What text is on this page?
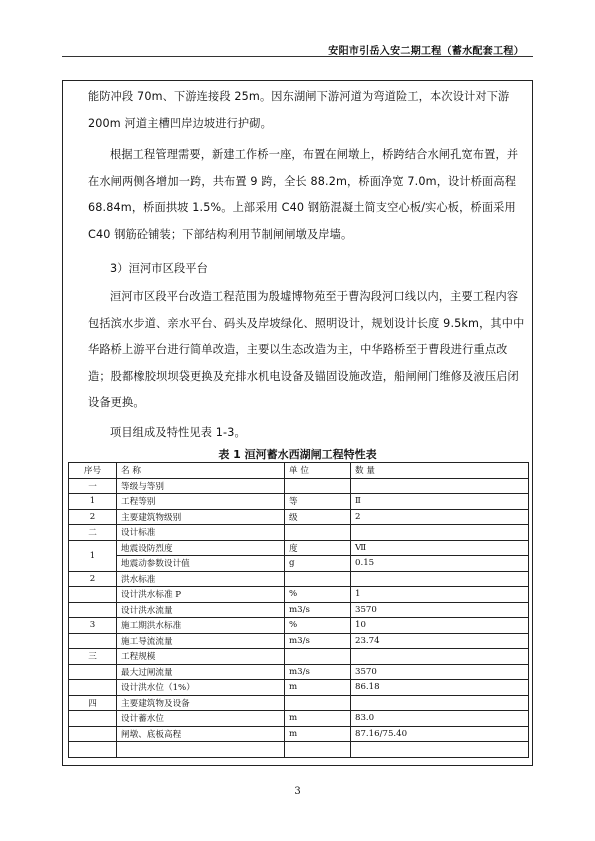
安阳市引岳入安二期工程（蓄水配套工程）

能防冲段 70m、下游连接段 25m。因东湖闸下游河道为弯道险工，本次设计对下游 200m 河道主槽凹岸边坡进行护砌。

根据工程管理需要，新建工作桥一座，布置在闸墩上，桥跨结合水闸孔宽布置，并在水闸两侧各增加一跨，共布置 9 跨，全长 88.2m，桥面净宽 7.0m，设计桥面高程 68.84m，桥面拱坡 1.5%。上部采用 C40 钢筋混凝土简支空心板/实心板，桥面采用 C40 钢筋砼铺装；下部结构利用节制闸闸墩及岸墙。

3）洹河市区段平台

洹河市区段平台改造工程范围为殷墟博物苑至于曹沟段河口线以内，主要工程内容包括滨水步道、亲水平台、码头及岸坡绿化、照明设计，规划设计长度 9.5km，其中中华路桥上游平台进行简单改造，主要以生态改造为主，中华路桥至于曹段进行重点改造；股都橡胶坝坝袋更换及充排水机电设备及锚固设施改造，船闸闸门维修及液压启闭设备更换。

项目组成及特性见表 1-3。

表 1 洹河蓄水西湖闸工程特性表
序号	名 称	单 位	数 量
一	等级与等别		
1	工程等别	等	Ⅱ
2	主要建筑物级别	级	2
二	设计标准		
1	地震设防烈度	度	Ⅶ
	地震动参数设计值	g	0.15
2	洪水标准		
	设计洪水标准 P	%	1
	设计洪水流量	m3/s	3570
3	施工期洪水标准	%	10
	施工导流流量	m3/s	23.74
三	工程规模		
	最大过闸流量	m3/s	3570
	设计洪水位（1%）	m	86.18
四	主要建筑物及设备		
	设计蓄水位	m	83.0
	闸墩、底板高程	m	87.16/75.40

3
